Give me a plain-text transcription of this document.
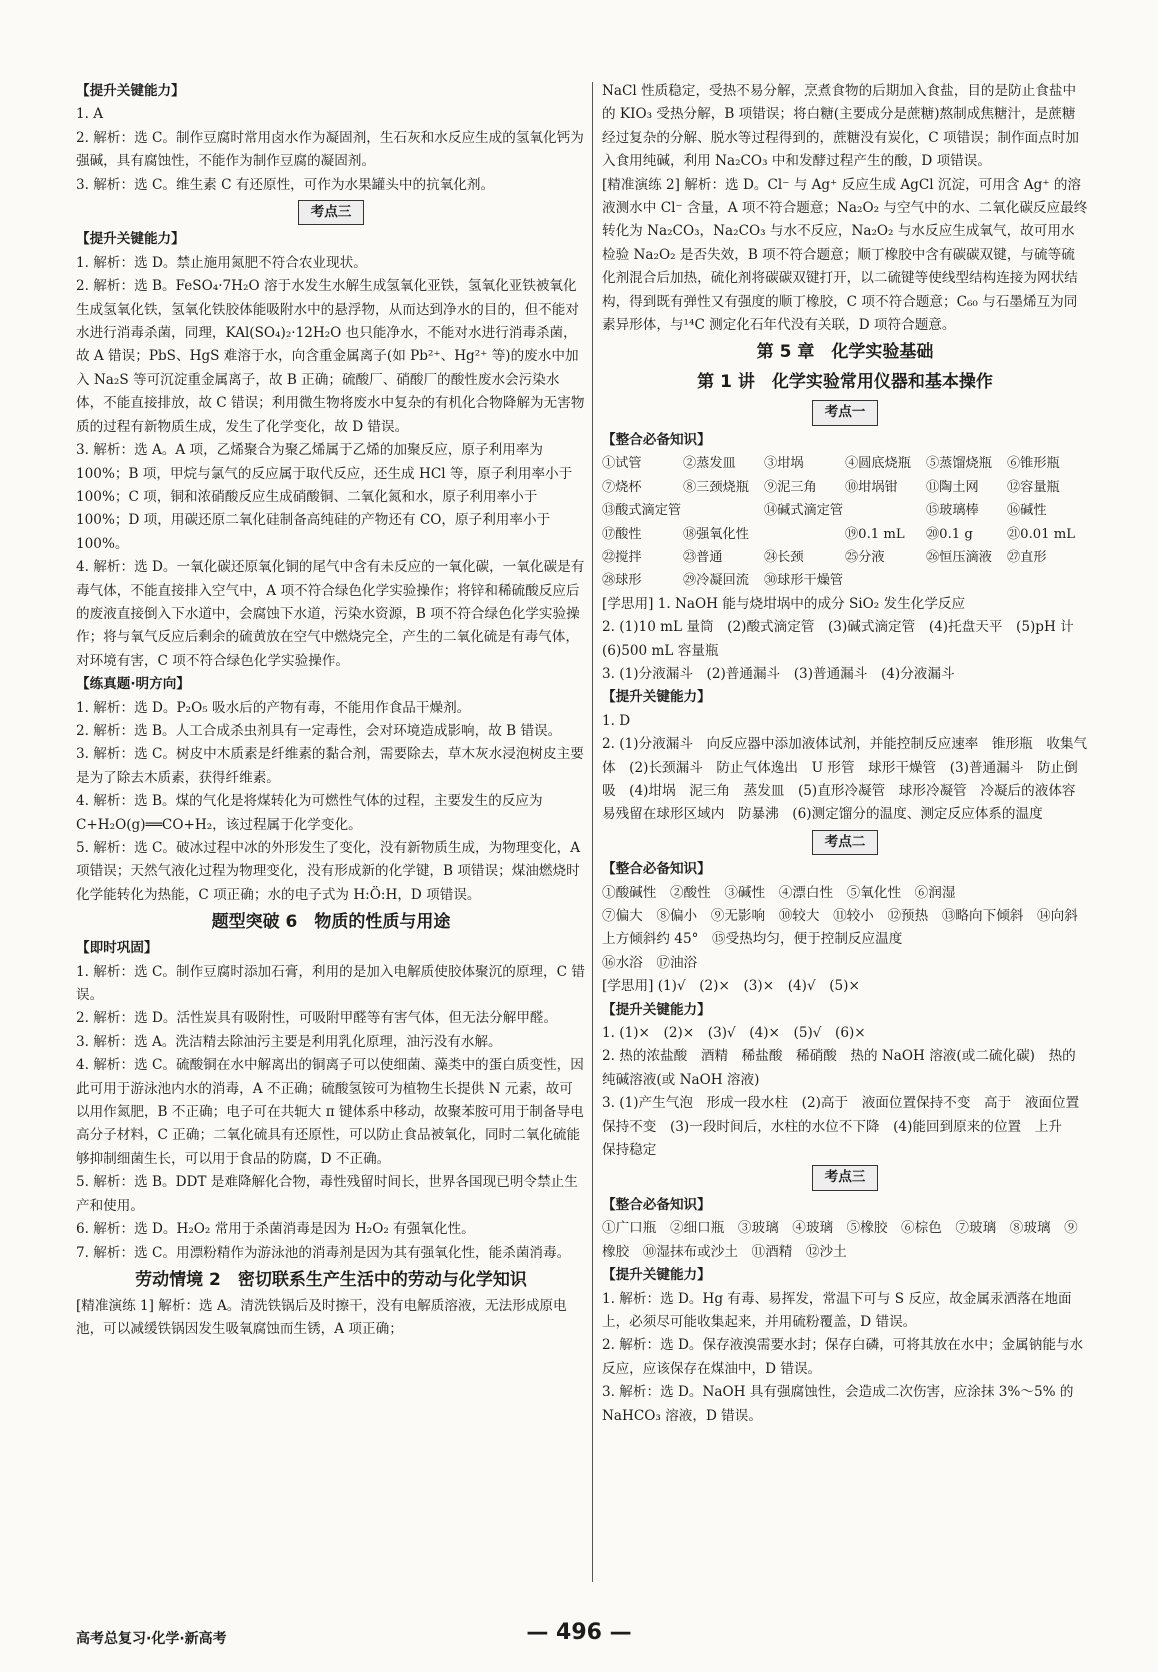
【提升关键能力】
1. A
2. 解析：选 C。制作豆腐时常用卤水作为凝固剂，生石灰和水反应生成的氢氧化钙为强碱，具有腐蚀性，不能作为制作豆腐的凝固剂。
3. 解析：选 C。维生素 C 有还原性，可作为水果罐头中的抗氧化剂。
考点三
【提升关键能力】
1. 解析：选 D。禁止施用氮肥不符合农业现状。
2. 解析：选 B。FeSO₄·7H₂O 溶于水发生水解生成氢氧化亚铁，氢氧化亚铁被氧化生成氢氧化铁，氢氧化铁胶体能吸附水中的悬浮物，从而达到净水的目的，但不能对水进行消毒杀菌，同理，KAl(SO₄)₂·12H₂O 也只能净水，不能对水进行消毒杀菌，故 A 错误；PbS、HgS 难溶于水，向含重金属离子(如 Pb²⁺、Hg²⁺ 等)的废水中加入 Na₂S 等可沉淀重金属离子，故 B 正确；硫酸厂、硝酸厂的酸性废水会污染水体，不能直接排放，故 C 错误；利用微生物将废水中复杂的有机化合物降解为无害物质的过程有新物质生成，发生了化学变化，故 D 错误。
3. 解析：选 A。A 项，乙烯聚合为聚乙烯属于乙烯的加聚反应，原子利用率为 100%；B 项，甲烷与氯气的反应属于取代反应，还生成 HCl 等，原子利用率小于 100%；C 项，铜和浓硝酸反应生成硝酸铜、二氧化氮和水，原子利用率小于 100%；D 项，用碳还原二氧化硅制备高纯硅的产物还有 CO，原子利用率小于 100%。
4. 解析：选 D。一氧化碳还原氧化铜的尾气中含有未反应的一氧化碳，一氧化碳是有毒气体，不能直接排入空气中，A 项不符合绿色化学实验操作；将锌和稀硫酸反应后的废液直接倒入下水道中，会腐蚀下水道，污染水资源，B 项不符合绿色化学实验操作；将与氧气反应后剩余的硫黄放在空气中燃烧完全，产生的二氧化硫是有毒气体，对环境有害，C 项不符合绿色化学实验操作。
【练真题·明方向】
1. 解析：选 D。P₂O₅ 吸水后的产物有毒，不能用作食品干燥剂。
2. 解析：选 B。人工合成杀虫剂具有一定毒性，会对环境造成影响，故 B 错误。
3. 解析：选 C。树皮中木质素是纤维素的黏合剂，需要除去，草木灰水浸泡树皮主要是为了除去木质素，获得纤维素。
4. 解析：选 B。煤的气化是将煤转化为可燃性气体的过程，主要发生的反应为 C+H₂O(g)══CO+H₂，该过程属于化学变化。
5. 解析：选 C。破冰过程中冰的外形发生了变化，没有新物质生成，为物理变化，A 项错误；天然气液化过程为物理变化，没有形成新的化学键，B 项错误；煤油燃烧时化学能转化为热能，C 项正确；水的电子式为 H:Ö:H，D 项错误。
题型突破 6　物质的性质与用途
【即时巩固】
1. 解析：选 C。制作豆腐时添加石膏，利用的是加入电解质使胶体聚沉的原理，C 错误。
2. 解析：选 D。活性炭具有吸附性，可吸附甲醛等有害气体，但无法分解甲醛。
3. 解析：选 A。洗洁精去除油污主要是利用乳化原理，油污没有水解。
4. 解析：选 C。硫酸铜在水中解离出的铜离子可以使细菌、藻类中的蛋白质变性，因此可用于游泳池内水的消毒，A 不正确；硫酸氢铵可为植物生长提供 N 元素，故可以用作氮肥，B 不正确；电子可在共轭大 π 键体系中移动，故聚苯胺可用于制备导电高分子材料，C 正确；二氧化硫具有还原性，可以防止食品被氧化，同时二氧化硫能够抑制细菌生长，可以用于食品的防腐，D 不正确。
5. 解析：选 B。DDT 是难降解化合物，毒性残留时间长，世界各国现已明令禁止生产和使用。
6. 解析：选 D。H₂O₂ 常用于杀菌消毒是因为 H₂O₂ 有强氧化性。
7. 解析：选 C。用漂粉精作为游泳池的消毒剂是因为其有强氧化性，能杀菌消毒。
劳动情境 2　密切联系生产生活中的劳动与化学知识
[精准演练 1] 解析：选 A。清洗铁锅后及时擦干，没有电解质溶液，无法形成原电池，可以减缓铁锅因发生吸氧腐蚀而生锈，A 项正确；
NaCl 性质稳定，受热不易分解，烹煮食物的后期加入食盐，目的是防止食盐中的 KIO₃ 受热分解，B 项错误；将白糖(主要成分是蔗糖)熬制成焦糖汁，是蔗糖经过复杂的分解、脱水等过程得到的，蔗糖没有炭化，C 项错误；制作面点时加入食用纯碱，利用 Na₂CO₃ 中和发酵过程产生的酸，D 项错误。
[精准演练 2] 解析：选 D。Cl⁻ 与 Ag⁺ 反应生成 AgCl 沉淀，可用含 Ag⁺ 的溶液测水中 Cl⁻ 含量，A 项不符合题意；Na₂O₂ 与空气中的水、二氧化碳反应最终转化为 Na₂CO₃，Na₂CO₃ 与水不反应，Na₂O₂ 与水反应生成氧气，故可用水检验 Na₂O₂ 是否失效，B 项不符合题意；顺丁橡胶中含有碳碳双键，与硫等硫化剂混合后加热，硫化剂将碳碳双键打开，以二硫键等使线型结构连接为网状结构，得到既有弹性又有强度的顺丁橡胶，C 项不符合题意；C₆₀ 与石墨烯互为同素异形体，与¹⁴C 测定化石年代没有关联，D 项符合题意。
第 5 章　化学实验基础
第 1 讲　化学实验常用仪器和基本操作
考点一
【整合必备知识】
①试管	②蒸发皿	③坩埚	④圆底烧瓶	⑤蒸馏烧瓶	⑥锥形瓶
⑦烧杯	⑧三颈烧瓶	⑨泥三角	⑩坩埚钳	⑪陶土网	⑫容量瓶
⑬酸式滴定管	⑭碱式滴定管	⑮玻璃棒	⑯碱性
⑰酸性	⑱强氧化性	⑲0.1 mL	⑳0.1 g	㉑0.01 mL
㉒搅拌	㉓普通	㉔长颈	㉕分液	㉖恒压滴液	㉗直形
㉘球形	㉙冷凝回流	㉚球形干燥管
[学思用] 1. NaOH 能与烧坩埚中的成分 SiO₂ 发生化学反应
2. (1)10 mL 量筒　(2)酸式滴定管　(3)碱式滴定管　(4)托盘天平　(5)pH 计　(6)500 mL 容量瓶
3. (1)分液漏斗　(2)普通漏斗　(3)普通漏斗　(4)分液漏斗
【提升关键能力】
1. D
2. (1)分液漏斗　向反应器中添加液体试剂，并能控制反应速率　锥形瓶　收集气体　(2)长颈漏斗　防止气体逸出　U 形管　球形干燥管　(3)普通漏斗　防止倒吸　(4)坩埚　泥三角　蒸发皿　(5)直形冷凝管　球形冷凝管　冷凝后的液体容易残留在球形区域内　防暴沸　(6)测定馏分的温度、测定反应体系的温度
考点二
【整合必备知识】
①酸碱性　②酸性　③碱性　④漂白性　⑤氧化性　⑥润湿
⑦偏大　⑧偏小　⑨无影响　⑩较大　⑪较小　⑫预热　⑬略向下倾斜　⑭向斜上方倾斜约 45°　⑮受热均匀，便于控制反应温度
⑯水浴　⑰油浴
[学思用] (1)√　(2)×　(3)×　(4)√　(5)×
【提升关键能力】
1. (1)×　(2)×　(3)√　(4)×　(5)√　(6)×
2. 热的浓盐酸　酒精　稀盐酸　稀硝酸　热的 NaOH 溶液(或二硫化碳)　热的纯碱溶液(或 NaOH 溶液)
3. (1)产生气泡　形成一段水柱　(2)高于　液面位置保持不变　高于　液面位置保持不变　(3)一段时间后，水柱的水位不下降　(4)能回到原来的位置　上升　保持稳定
考点三
【整合必备知识】
①广口瓶　②细口瓶　③玻璃　④玻璃　⑤橡胶　⑥棕色　⑦玻璃　⑧玻璃　⑨橡胶　⑩湿抹布或沙土　⑪酒精　⑫沙土
【提升关键能力】
1. 解析：选 D。Hg 有毒、易挥发，常温下可与 S 反应，故金属汞洒落在地面上，必须尽可能收集起来，并用硫粉覆盖，D 错误。
2. 解析：选 D。保存液溴需要水封；保存白磷，可将其放在水中；金属钠能与水反应，应该保存在煤油中，D 错误。
3. 解析：选 D。NaOH 具有强腐蚀性，会造成二次伤害，应涂抹 3%～5% 的 NaHCO₃ 溶液，D 错误。
高考总复习·化学·新高考	— 496 —
